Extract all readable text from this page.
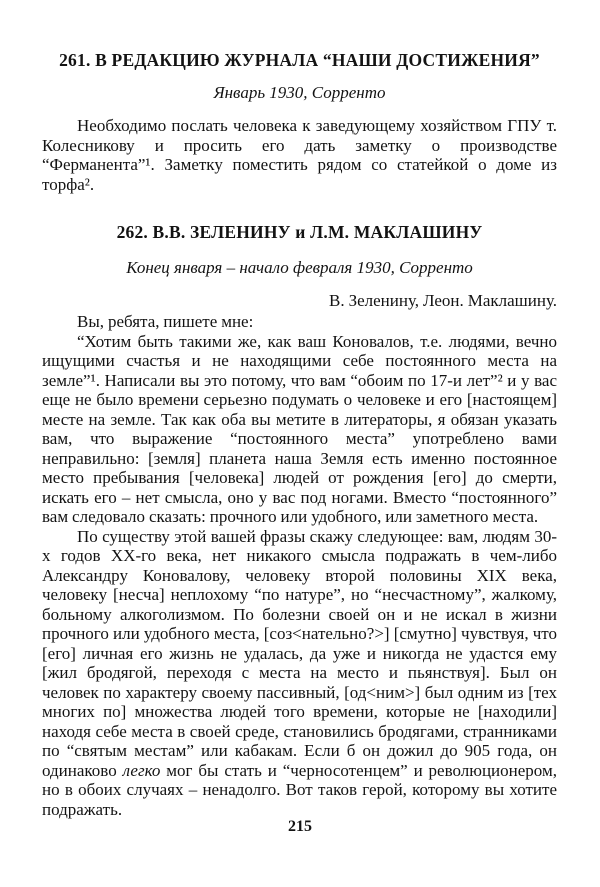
261. В РЕДАКЦИЮ ЖУРНАЛА “НАШИ ДОСТИЖЕНИЯ”

Январь 1930, Сорренто

Необходимо послать человека к заведующему хозяйством ГПУ т. Колесникову и просить его дать заметку о производстве “Ферманента”¹. Заметку поместить рядом со статейкой о доме из торфа².

262. В.В. ЗЕЛЕНИНУ и Л.М. МАКЛАШИНУ

Конец января – начало февраля 1930, Сорренто

В. Зеленину, Леон. Маклашину.

Вы, ребята, пишете мне:

“Хотим быть такими же, как ваш Коновалов, т.е. людями, вечно ищущими счастья и не находящими себе постоянного места на земле”¹. Написали вы это потому, что вам “обоим по 17-и лет”² и у вас еще не было времени серьезно подумать о человеке и его [настоящем] месте на земле. Так как оба вы метите в литераторы, я обязан указать вам, что выражение “постоянного места” употреблено вами неправильно: [земля] планета наша Земля есть именно постоянное место пребывания [человека] людей от рождения [его] до смерти, искать его – нет смысла, оно у вас под ногами. Вместо “постоянного” вам следовало сказать: прочного или удобного, или заметного места.

По существу этой вашей фразы скажу следующее: вам, людям 30-х годов XX-го века, нет никакого смысла подражать в чем-либо Александру Коновалову, человеку второй половины XIX века, человеку [несча] неплохому “по натуре”, но “несчастному”, жалкому, больному алкоголизмом. По болезни своей он и не искал в жизни прочного или удобного места, [соз<нательно?>] [смутно] чувствуя, что [его] личная его жизнь не удалась, да уже и никогда не удастся ему [жил бродягой, переходя с места на место и пьянствуя]. Был он человек по характеру своему пассивный, [од<ним>] был одним из [тех многих по] множества людей того времени, которые не [находили] находя себе места в своей среде, становились бродягами, странниками по “святым местам” или кабакам. Если б он дожил до 905 года, он одинаково легко мог бы стать и “черносотенцем” и революционером, но в обоих случаях – ненадолго. Вот таков герой, которому вы хотите подражать.

215
